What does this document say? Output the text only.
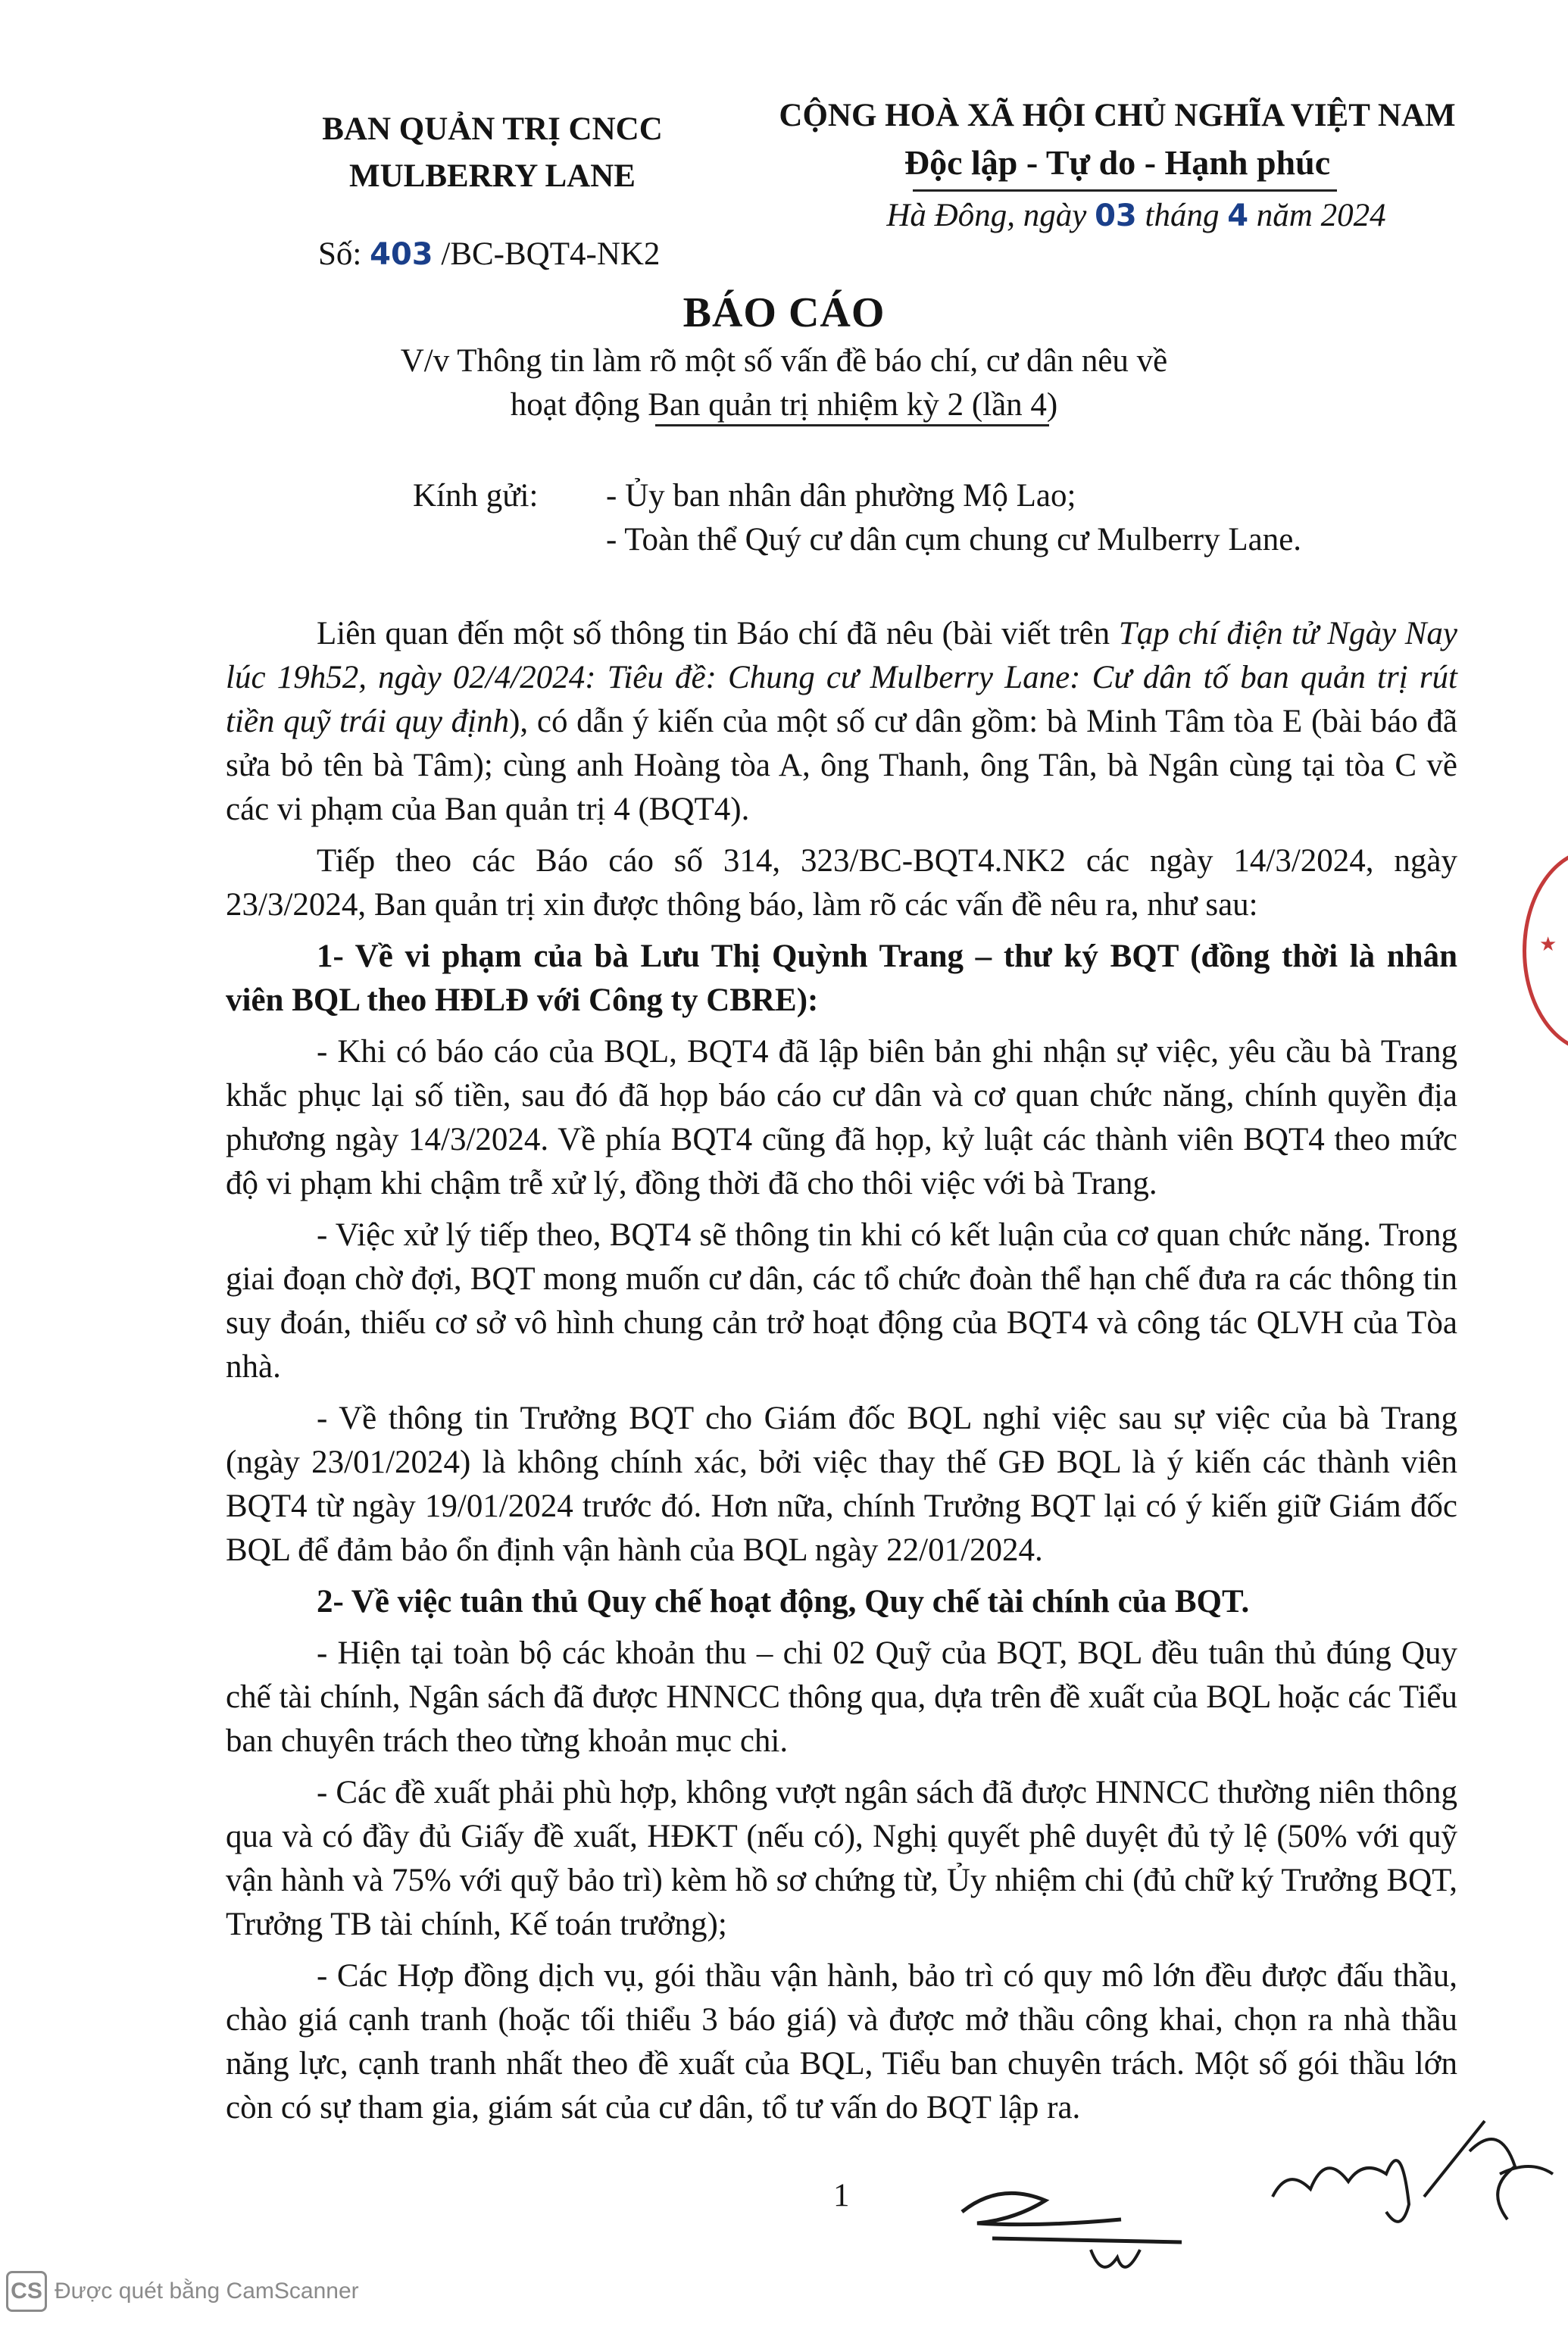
BAN QUẢN TRỊ CNCC
MULBERRY LANE
Số: 403 /BC-BQT4-NK2
CỘNG HOÀ XÃ HỘI CHỦ NGHĨA VIỆT NAM
Độc lập - Tự do - Hạnh phúc
Hà Đông, ngày 03 tháng 4 năm 2024
BÁO CÁO
V/v Thông tin làm rõ một số vấn đề báo chí, cư dân nêu về
hoạt động Ban quản trị nhiệm kỳ 2 (lần 4)
Kính gửi: - Ủy ban nhân dân phường Mộ Lao;
- Toàn thể Quý cư dân cụm chung cư Mulberry Lane.

Liên quan đến một số thông tin Báo chí đã nêu (bài viết trên Tạp chí điện tử Ngày Nay lúc 19h52, ngày 02/4/2024: Tiêu đề: Chung cư Mulberry Lane: Cư dân tố ban quản trị rút tiền quỹ trái quy định), có dẫn ý kiến của một số cư dân gồm: bà Minh Tâm tòa E (bài báo đã sửa bỏ tên bà Tâm); cùng anh Hoàng tòa A, ông Thanh, ông Tân, bà Ngân cùng tại tòa C về các vi phạm của Ban quản trị 4 (BQT4).

Tiếp theo các Báo cáo số 314, 323/BC-BQT4.NK2 các ngày 14/3/2024, ngày 23/3/2024, Ban quản trị xin được thông báo, làm rõ các vấn đề nêu ra, như sau:

1- Về vi phạm của bà Lưu Thị Quỳnh Trang – thư ký BQT (đồng thời là nhân viên BQL theo HĐLĐ với Công ty CBRE):

- Khi có báo cáo của BQL, BQT4 đã lập biên bản ghi nhận sự việc, yêu cầu bà Trang khắc phục lại số tiền, sau đó đã họp báo cáo cư dân và cơ quan chức năng, chính quyền địa phương ngày 14/3/2024. Về phía BQT4 cũng đã họp, kỷ luật các thành viên BQT4 theo mức độ vi phạm khi chậm trễ xử lý, đồng thời đã cho thôi việc với bà Trang.

- Việc xử lý tiếp theo, BQT4 sẽ thông tin khi có kết luận của cơ quan chức năng. Trong giai đoạn chờ đợi, BQT mong muốn cư dân, các tổ chức đoàn thể hạn chế đưa ra các thông tin suy đoán, thiếu cơ sở vô hình chung cản trở hoạt động của BQT4 và công tác QLVH của Tòa nhà.

- Về thông tin Trưởng BQT cho Giám đốc BQL nghỉ việc sau sự việc của bà Trang (ngày 23/01/2024) là không chính xác, bởi việc thay thế GĐ BQL là ý kiến các thành viên BQT4 từ ngày 19/01/2024 trước đó. Hơn nữa, chính Trưởng BQT lại có ý kiến giữ Giám đốc BQL để đảm bảo ổn định vận hành của BQL ngày 22/01/2024.

2- Về việc tuân thủ Quy chế hoạt động, Quy chế tài chính của BQT.

- Hiện tại toàn bộ các khoản thu – chi 02 Quỹ của BQT, BQL đều tuân thủ đúng Quy chế tài chính, Ngân sách đã được HNNCC thông qua, dựa trên đề xuất của BQL hoặc các Tiểu ban chuyên trách theo từng khoản mục chi.

- Các đề xuất phải phù hợp, không vượt ngân sách đã được HNNCC thường niên thông qua và có đầy đủ Giấy đề xuất, HĐKT (nếu có), Nghị quyết phê duyệt đủ tỷ lệ (50% với quỹ vận hành và 75% với quỹ bảo trì) kèm hồ sơ chứng từ, Ủy nhiệm chi (đủ chữ ký Trưởng BQT, Trưởng TB tài chính, Kế toán trưởng);

- Các Hợp đồng dịch vụ, gói thầu vận hành, bảo trì có quy mô lớn đều được đấu thầu, chào giá cạnh tranh (hoặc tối thiểu 3 báo giá) và được mở thầu công khai, chọn ra nhà thầu năng lực, cạnh tranh nhất theo đề xuất của BQL, Tiểu ban chuyên trách. Một số gói thầu lớn còn có sự tham gia, giám sát của cư dân, tổ tư vấn do BQT lập ra.

★
1
CS Được quét bằng CamScanner
